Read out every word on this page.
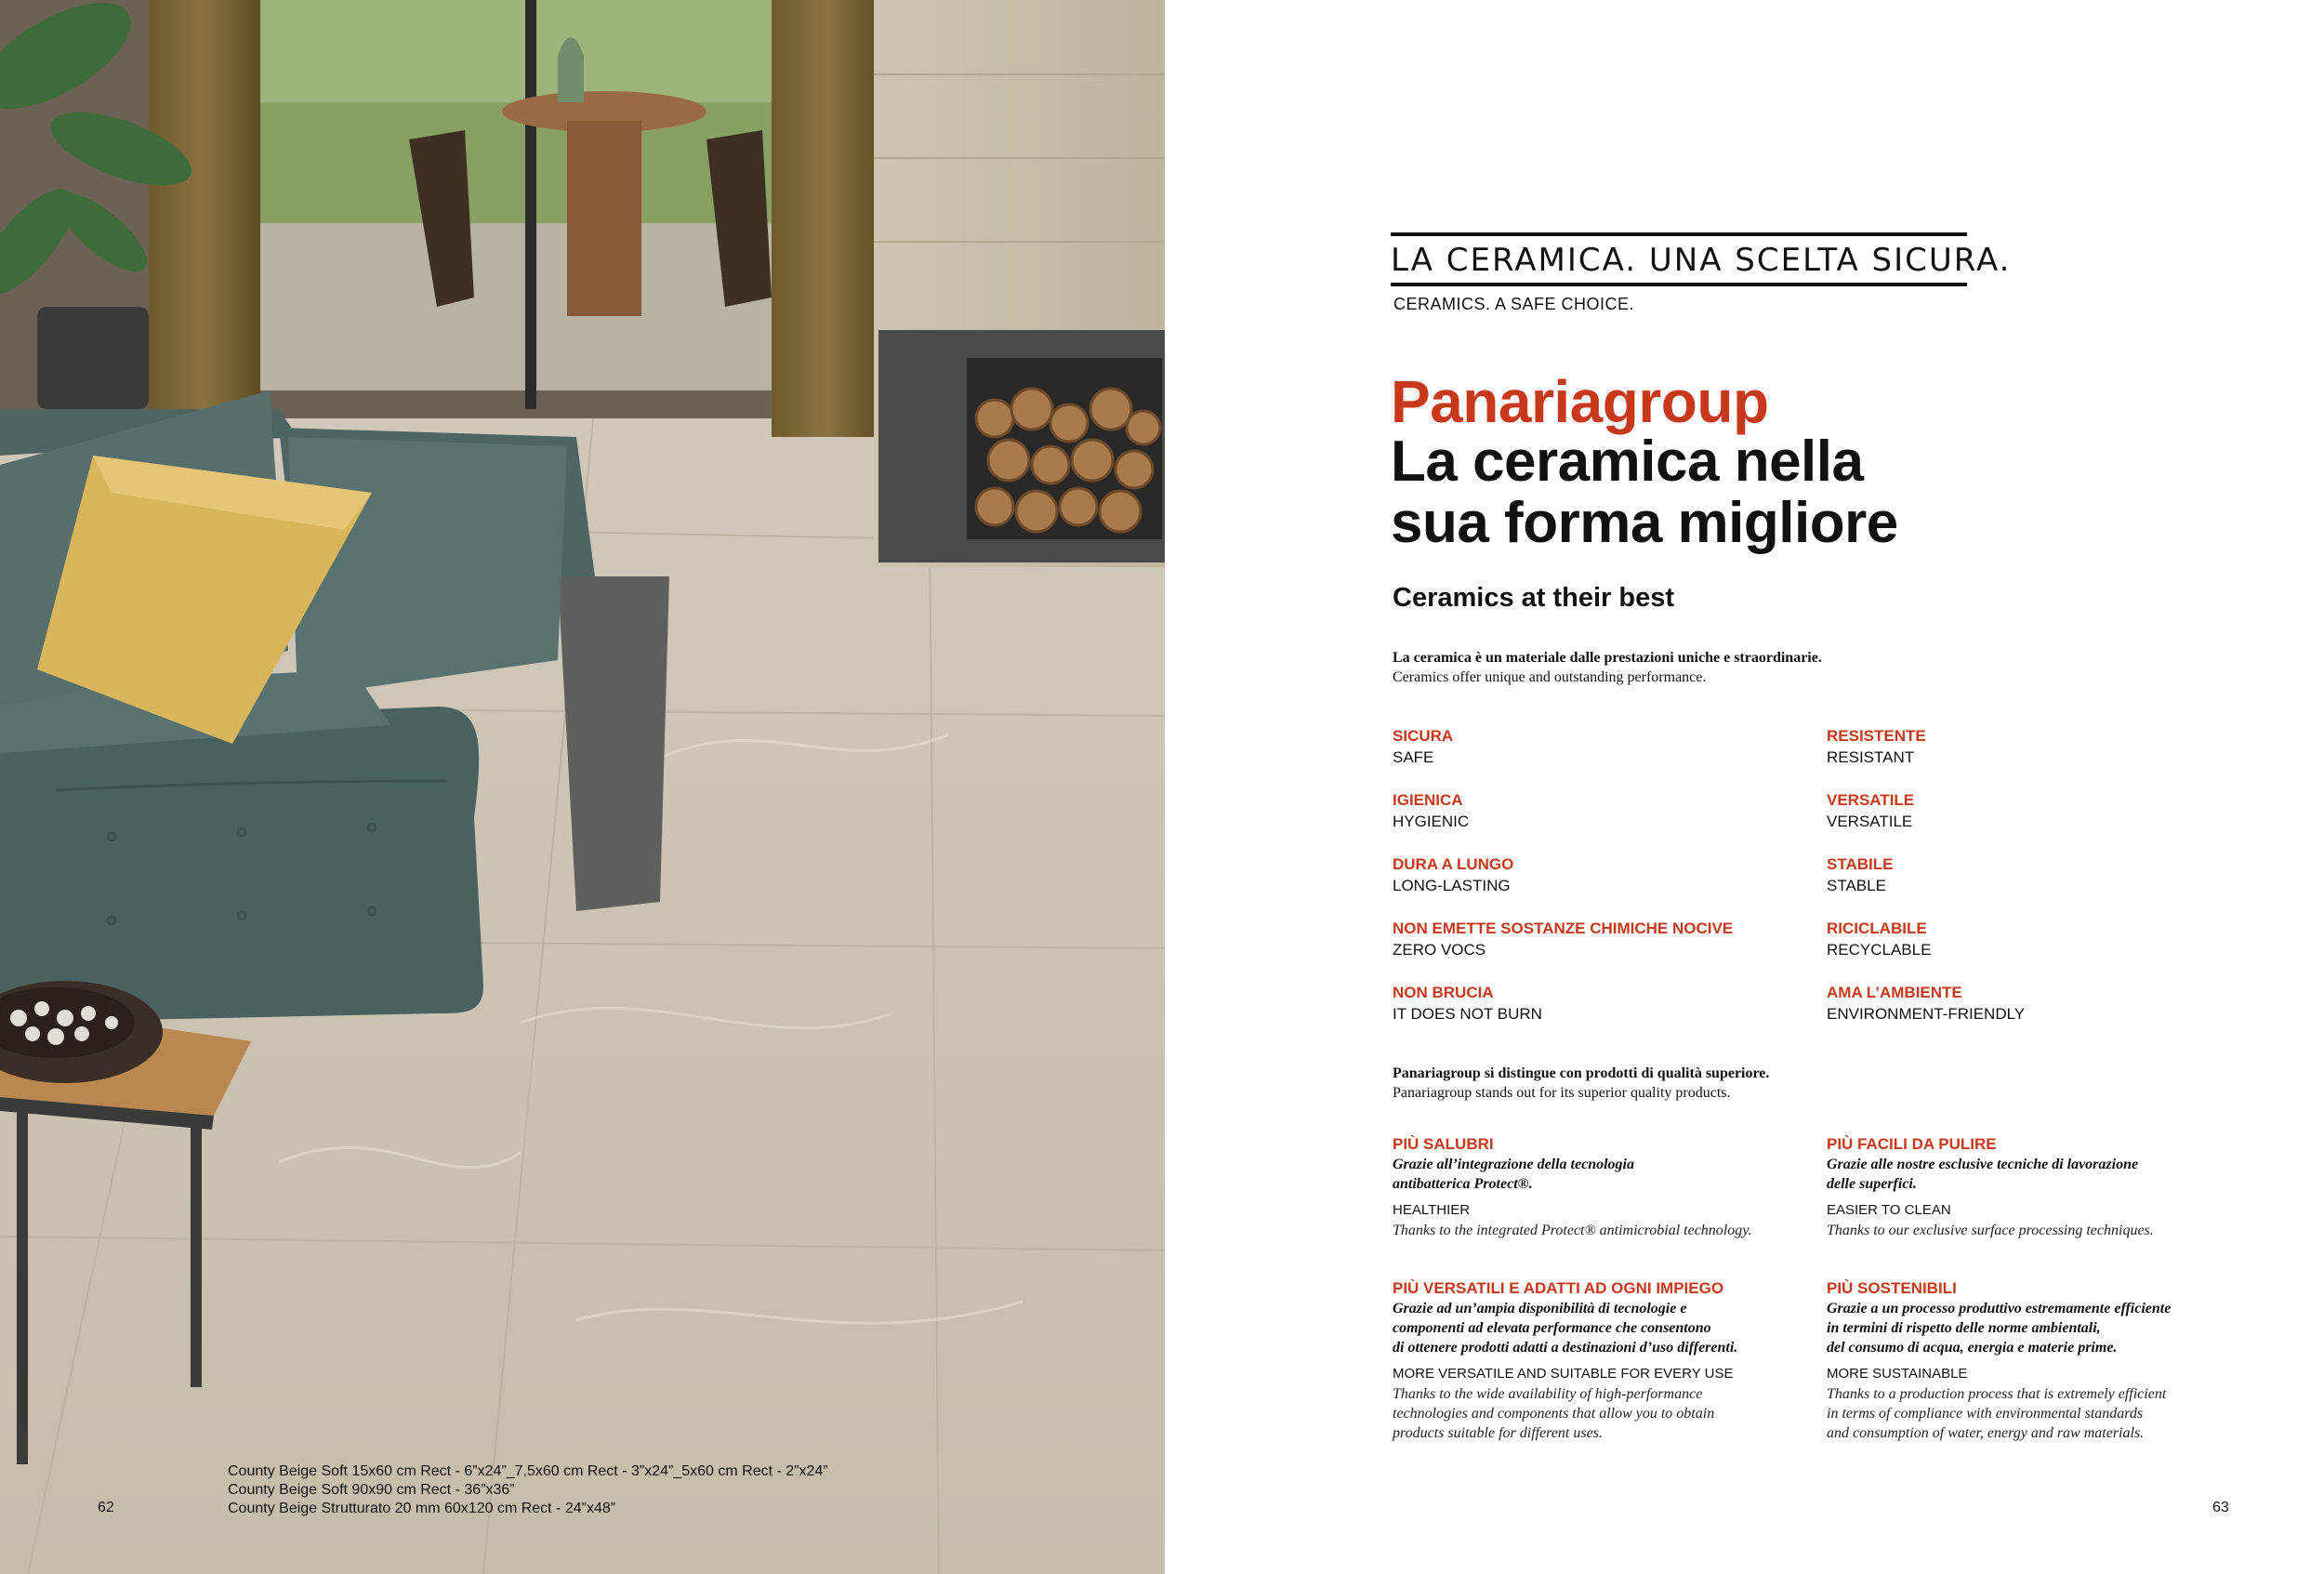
County Beige Soft 15x60 cm Rect - 6”x24”_7,5x60 cm Rect - 3”x24”_5x60 cm Rect - 2”x24”
County Beige Soft 90x90 cm Rect - 36”x36”
County Beige Strutturato 20 mm 60x120 cm Rect - 24”x48”
62
LA CERAMICA. UNA SCELTA SICURA.
CERAMICS. A SAFE CHOICE.
Panariagroup
La ceramica nella
sua forma migliore
Ceramics at their best
La ceramica è un materiale dalle prestazioni uniche e straordinarie.
Ceramics offer unique and outstanding performance.
SICURA
SAFE
IGIENICA
HYGIENIC
DURA A LUNGO
LONG-LASTING
NON EMETTE SOSTANZE CHIMICHE NOCIVE
ZERO VOCS
NON BRUCIA
IT DOES NOT BURN
RESISTENTE
RESISTANT
VERSATILE
VERSATILE
STABILE
STABLE
RICICLABILE
RECYCLABLE
AMA L’AMBIENTE
ENVIRONMENT-FRIENDLY
Panariagroup si distingue con prodotti di qualità superiore.
Panariagroup stands out for its superior quality products.
PIÙ SALUBRI
Grazie all’integrazione della tecnologia
antibatterica Protect®.
HEALTHIER
Thanks to the integrated Protect® antimicrobial technology.
PIÙ FACILI DA PULIRE
Grazie alle nostre esclusive tecniche di lavorazione
delle superfici.
EASIER TO CLEAN
Thanks to our exclusive surface processing techniques.
PIÙ VERSATILI E ADATTI AD OGNI IMPIEGO
Grazie ad un’ampia disponibilità di tecnologie e
componenti ad elevata performance che consentono
di ottenere prodotti adatti a destinazioni d’uso differenti.
MORE VERSATILE AND SUITABLE FOR EVERY USE
Thanks to the wide availability of high-performance
technologies and components that allow you to obtain
products suitable for different uses.
PIÙ SOSTENIBILI
Grazie a un processo produttivo estremamente efficiente
in termini di rispetto delle norme ambientali,
del consumo di acqua, energia e materie prime.
MORE SUSTAINABLE
Thanks to a production process that is extremely efficient
in terms of compliance with environmental standards
and consumption of water, energy and raw materials.
63
